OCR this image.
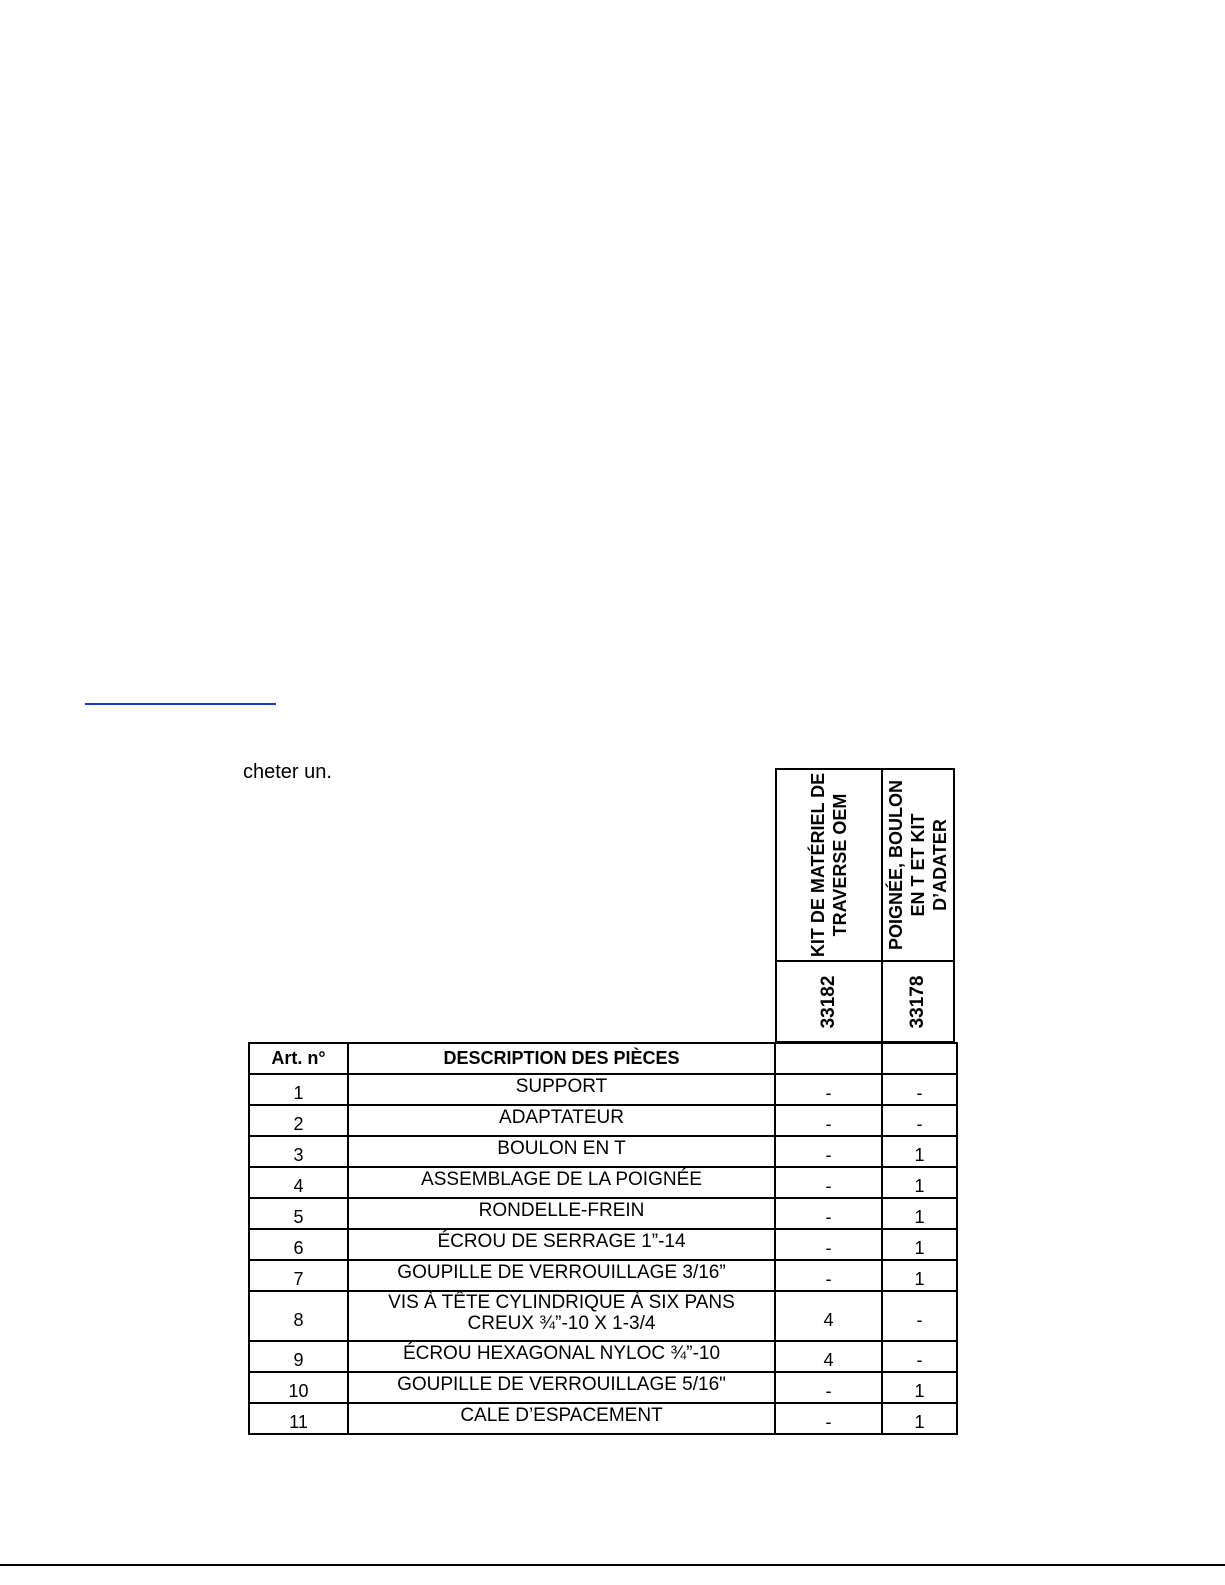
cheter un.
KIT DE MATÉRIEL DE
TRAVERSE OEM
33182
POIGNÉE, BOULON
EN T ET KIT
D’ADATER
33178
Art. n°	DESCRIPTION DES PIÈCES		

1	SUPPORT	-	-

2	ADAPTATEUR	-	-

3	BOULON EN T	-	1

4	ASSEMBLAGE DE LA POIGNÉE	-	1

5	RONDELLE-FREIN	-	1

6	ÉCROU DE SERRAGE 1”-14	-	1

7	GOUPILLE DE VERROUILLAGE 3/16”	-	1

8	VIS À TÊTE CYLINDRIQUE À SIX PANS
CREUX ¾”-10 X 1-3/4	4	-

9	ÉCROU HEXAGONAL NYLOC ¾”-10	4	-

10	GOUPILLE DE VERROUILLAGE 5/16"	-	1

11	CALE D’ESPACEMENT	-	1
